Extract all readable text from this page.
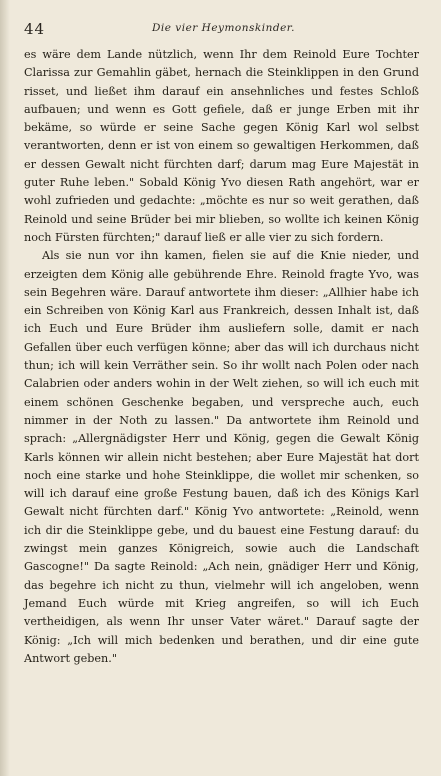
44	Die vier Heymonskinder.

es wäre dem Lande nützlich, wenn Ihr dem Reinold Eure Tochter Clarissa zur Gemahlin gäbet, hernach die Steinklippen in den Grund risset, und ließet ihm darauf ein ansehnliches und festes Schloß aufbauen; und wenn es Gott gefiele, daß er junge Erben mit ihr bekäme, so würde er seine Sache gegen König Karl wol selbst verantworten, denn er ist von einem so gewaltigen Herkommen, daß er dessen Gewalt nicht fürchten darf; darum mag Eure Majestät in guter Ruhe leben." Sobald König Yvo diesen Rath angehört, war er wohl zufrieden und gedachte: „möchte es nur so weit gerathen, daß Reinold und seine Brüder bei mir blieben, so wollte ich keinen König noch Fürsten fürchten;" darauf ließ er alle vier zu sich fordern.

Als sie nun vor ihn kamen, fielen sie auf die Knie nieder, und erzeigten dem König alle gebührende Ehre. Reinold fragte Yvo, was sein Begehren wäre. Darauf antwortete ihm dieser: „Allhier habe ich ein Schreiben von König Karl aus Frankreich, dessen Inhalt ist, daß ich Euch und Eure Brüder ihm ausliefern solle, damit er nach Gefallen über euch verfügen könne; aber das will ich durchaus nicht thun; ich will kein Verräther sein. So ihr wollt nach Polen oder nach Calabrien oder anders wohin in der Welt ziehen, so will ich euch mit einem schönen Geschenke begaben, und verspreche auch, euch nimmer in der Noth zu lassen." Da antwortete ihm Reinold und sprach: „Allergnädigster Herr und König, gegen die Gewalt König Karls können wir allein nicht bestehen; aber Eure Majestät hat dort noch eine starke und hohe Steinklippe, die wollet mir schenken, so will ich darauf eine große Festung bauen, daß ich des Königs Karl Gewalt nicht fürchten darf." König Yvo antwortete: „Reinold, wenn ich dir die Steinklippe gebe, und du bauest eine Festung darauf: du zwingst mein ganzes Königreich, sowie auch die Landschaft Gascogne!" Da sagte Reinold: „Ach nein, gnädiger Herr und König, das begehre ich nicht zu thun, vielmehr will ich angeloben, wenn Jemand Euch würde mit Krieg angreifen, so will ich Euch vertheidigen, als wenn Ihr unser Vater wäret." Darauf sagte der König: „Ich will mich bedenken und berathen, und dir eine gute Antwort geben."
